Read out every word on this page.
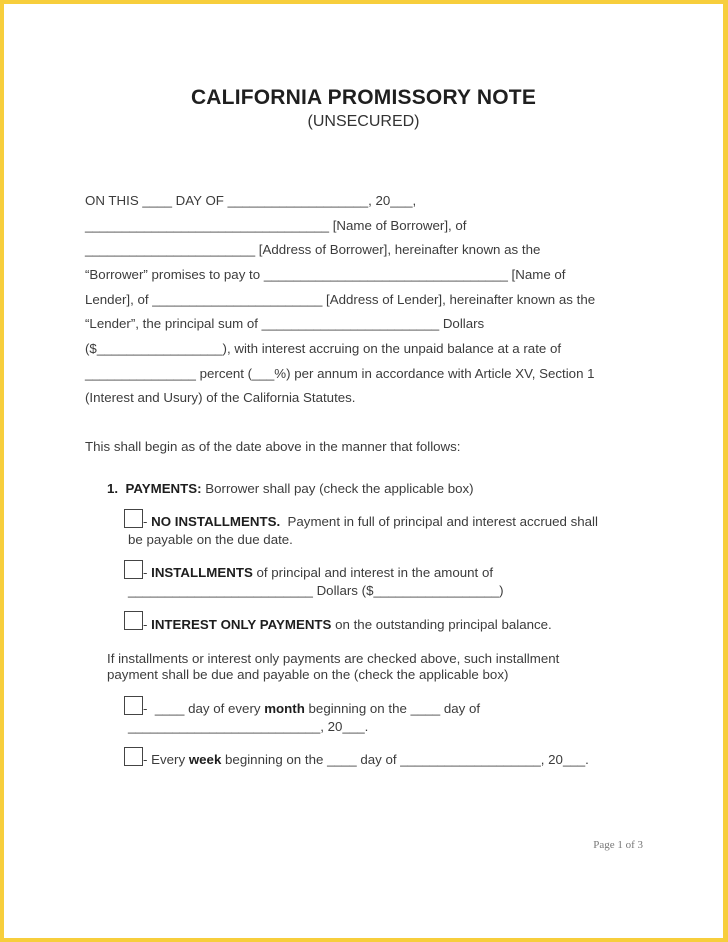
CALIFORNIA PROMISSORY NOTE
(UNSECURED)
ON THIS ____ DAY OF ___________________, 20___,
_________________________________ [Name of Borrower], of
_______________________ [Address of Borrower], hereinafter known as the
“Borrower” promises to pay to _________________________________ [Name of
Lender], of _______________________ [Address of Lender], hereinafter known as the
“Lender”, the principal sum of ________________________ Dollars
($_________________), with interest accruing on the unpaid balance at a rate of
_______________ percent (___%) per annum in accordance with Article XV, Section 1
(Interest and Usury) of the California Statutes.
This shall begin as of the date above in the manner that follows:
1. PAYMENTS: Borrower shall pay (check the applicable box)
- NO INSTALLMENTS.  Payment in full of principal and interest accrued shall
be payable on the due date.
- INSTALLMENTS of principal and interest in the amount of
_________________________ Dollars ($_________________)
- INTEREST ONLY PAYMENTS on the outstanding principal balance.
If installments or interest only payments are checked above, such installment
payment shall be due and payable on the (check the applicable box)
-  ____ day of every month beginning on the ____ day of
__________________________, 20___.
- Every week beginning on the ____ day of ___________________, 20___.
Page 1 of 3
